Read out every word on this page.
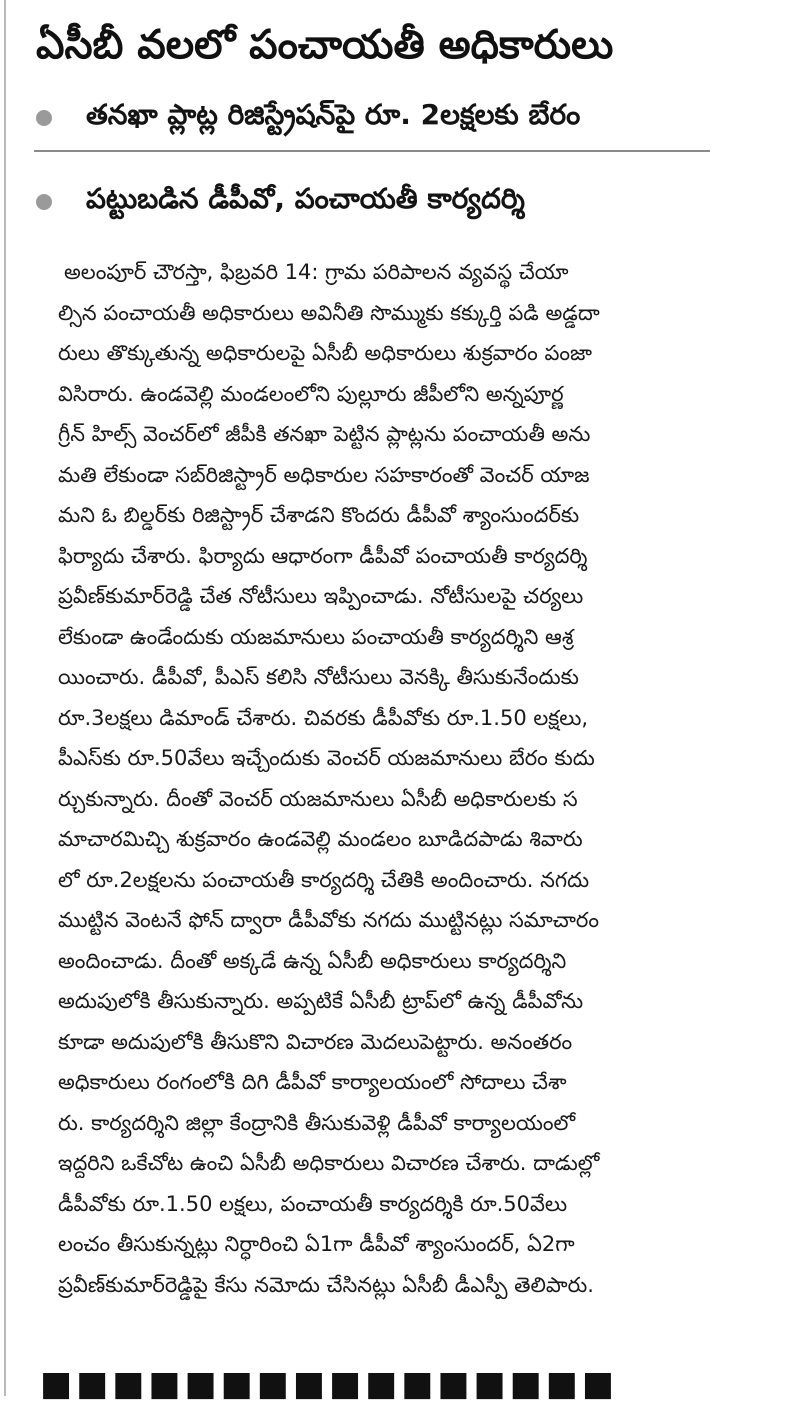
ఏసీబీ వలలో పంచాయతీ అధికారులు
తనఖా ప్లాట్ల రిజిస్ట్రేషన్‌పై రూ. 2లక్షలకు బేరం
పట్టుబడిన డీపీవో, పంచాయతీ కార్యదర్శి
అలంపూర్ చౌరస్తా, ఫిబ్రవరి 14: గ్రామ పరిపాలన వ్యవస్థ చేయా
ల్సిన పంచాయతీ అధికారులు అవినీతి సొమ్ముకు కక్కుర్తి పడి అడ్డదా
రులు తొక్కుతున్న అధికారులపై ఏసీబీ అధికారులు శుక్రవారం పంజా
విసిరారు. ఉండవెల్లి మండలంలోని పుల్లూరు జీపీలోని అన్నపూర్ణ
గ్రీన్ హిల్స్ వెంచర్‌లో జీపీకి తనఖా పెట్టిన ప్లాట్లను పంచాయతీ అను
మతి లేకుండా సబ్‌రిజిస్ట్రార్ అధికారుల సహకారంతో వెంచర్ యాజ
మని ఓ బిల్డర్‌కు రిజిస్ట్రార్ చేశాడని కొందరు డీపీవో శ్యాంసుందర్‌కు
ఫిర్యాదు చేశారు. ఫిర్యాదు ఆధారంగా డీపీవో పంచాయతీ కార్యదర్శి
ప్రవీణ్‌కుమార్‌రెడ్డి చేత నోటీసులు ఇప్పించాడు. నోటీసులపై చర్యలు
లేకుండా ఉండేందుకు యజమానులు పంచాయతీ కార్యదర్శిని ఆశ్ర
యించారు. డీపీవో, పీఎస్ కలిసి నోటీసులు వెనక్కి తీసుకునేందుకు
రూ.3లక్షలు డిమాండ్ చేశారు. చివరకు డీపీవోకు రూ.1.50 లక్షలు,
పీఎస్‌కు రూ.50వేలు ఇచ్చేందుకు వెంచర్ యజమానులు బేరం కుదు
ర్చుకున్నారు. దీంతో వెంచర్ యజమానులు ఏసీబీ అధికారులకు స
మాచారమిచ్చి శుక్రవారం ఉండవెల్లి మండలం బూడిదపాడు శివారు
లో రూ.2లక్షలను పంచాయతీ కార్యదర్శి చేతికి అందించారు. నగదు
ముట్టిన వెంటనే ఫోన్ ద్వారా డీపీవోకు నగదు ముట్టినట్లు సమాచారం
అందించాడు. దీంతో అక్కడే ఉన్న ఏసీబీ అధికారులు కార్యదర్శిని
అదుపులోకి తీసుకున్నారు. అప్పటికే ఏసీబీ ట్రాప్‌లో ఉన్న డీపీవోను
కూడా అదుపులోకి తీసుకొని విచారణ మెదలుపెట్టారు. అనంతరం
అధికారులు రంగంలోకి దిగి డీపీవో కార్యాలయంలో సోదాలు చేశా
రు. కార్యదర్శిని జిల్లా కేంద్రానికి తీసుకువెళ్లి డీపీవో కార్యాలయంలో
ఇద్దరిని ఒకేచోట ఉంచి ఏసీబీ అధికారులు విచారణ చేశారు. దాడుల్లో
డీపీవోకు రూ.1.50 లక్షలు, పంచాయతీ కార్యదర్శికి రూ.50వేలు
లంచం తీసుకున్నట్లు నిర్ధారించి ఏ1గా డీపీవో శ్యాంసుందర్, ఏ2గా
ప్రవీణ్‌కుమార్‌రెడ్డిపై కేసు నమోదు చేసినట్లు ఏసీబీ డీఎస్పీ తెలిపారు.
■■■■■■■■■■■■■■■■
